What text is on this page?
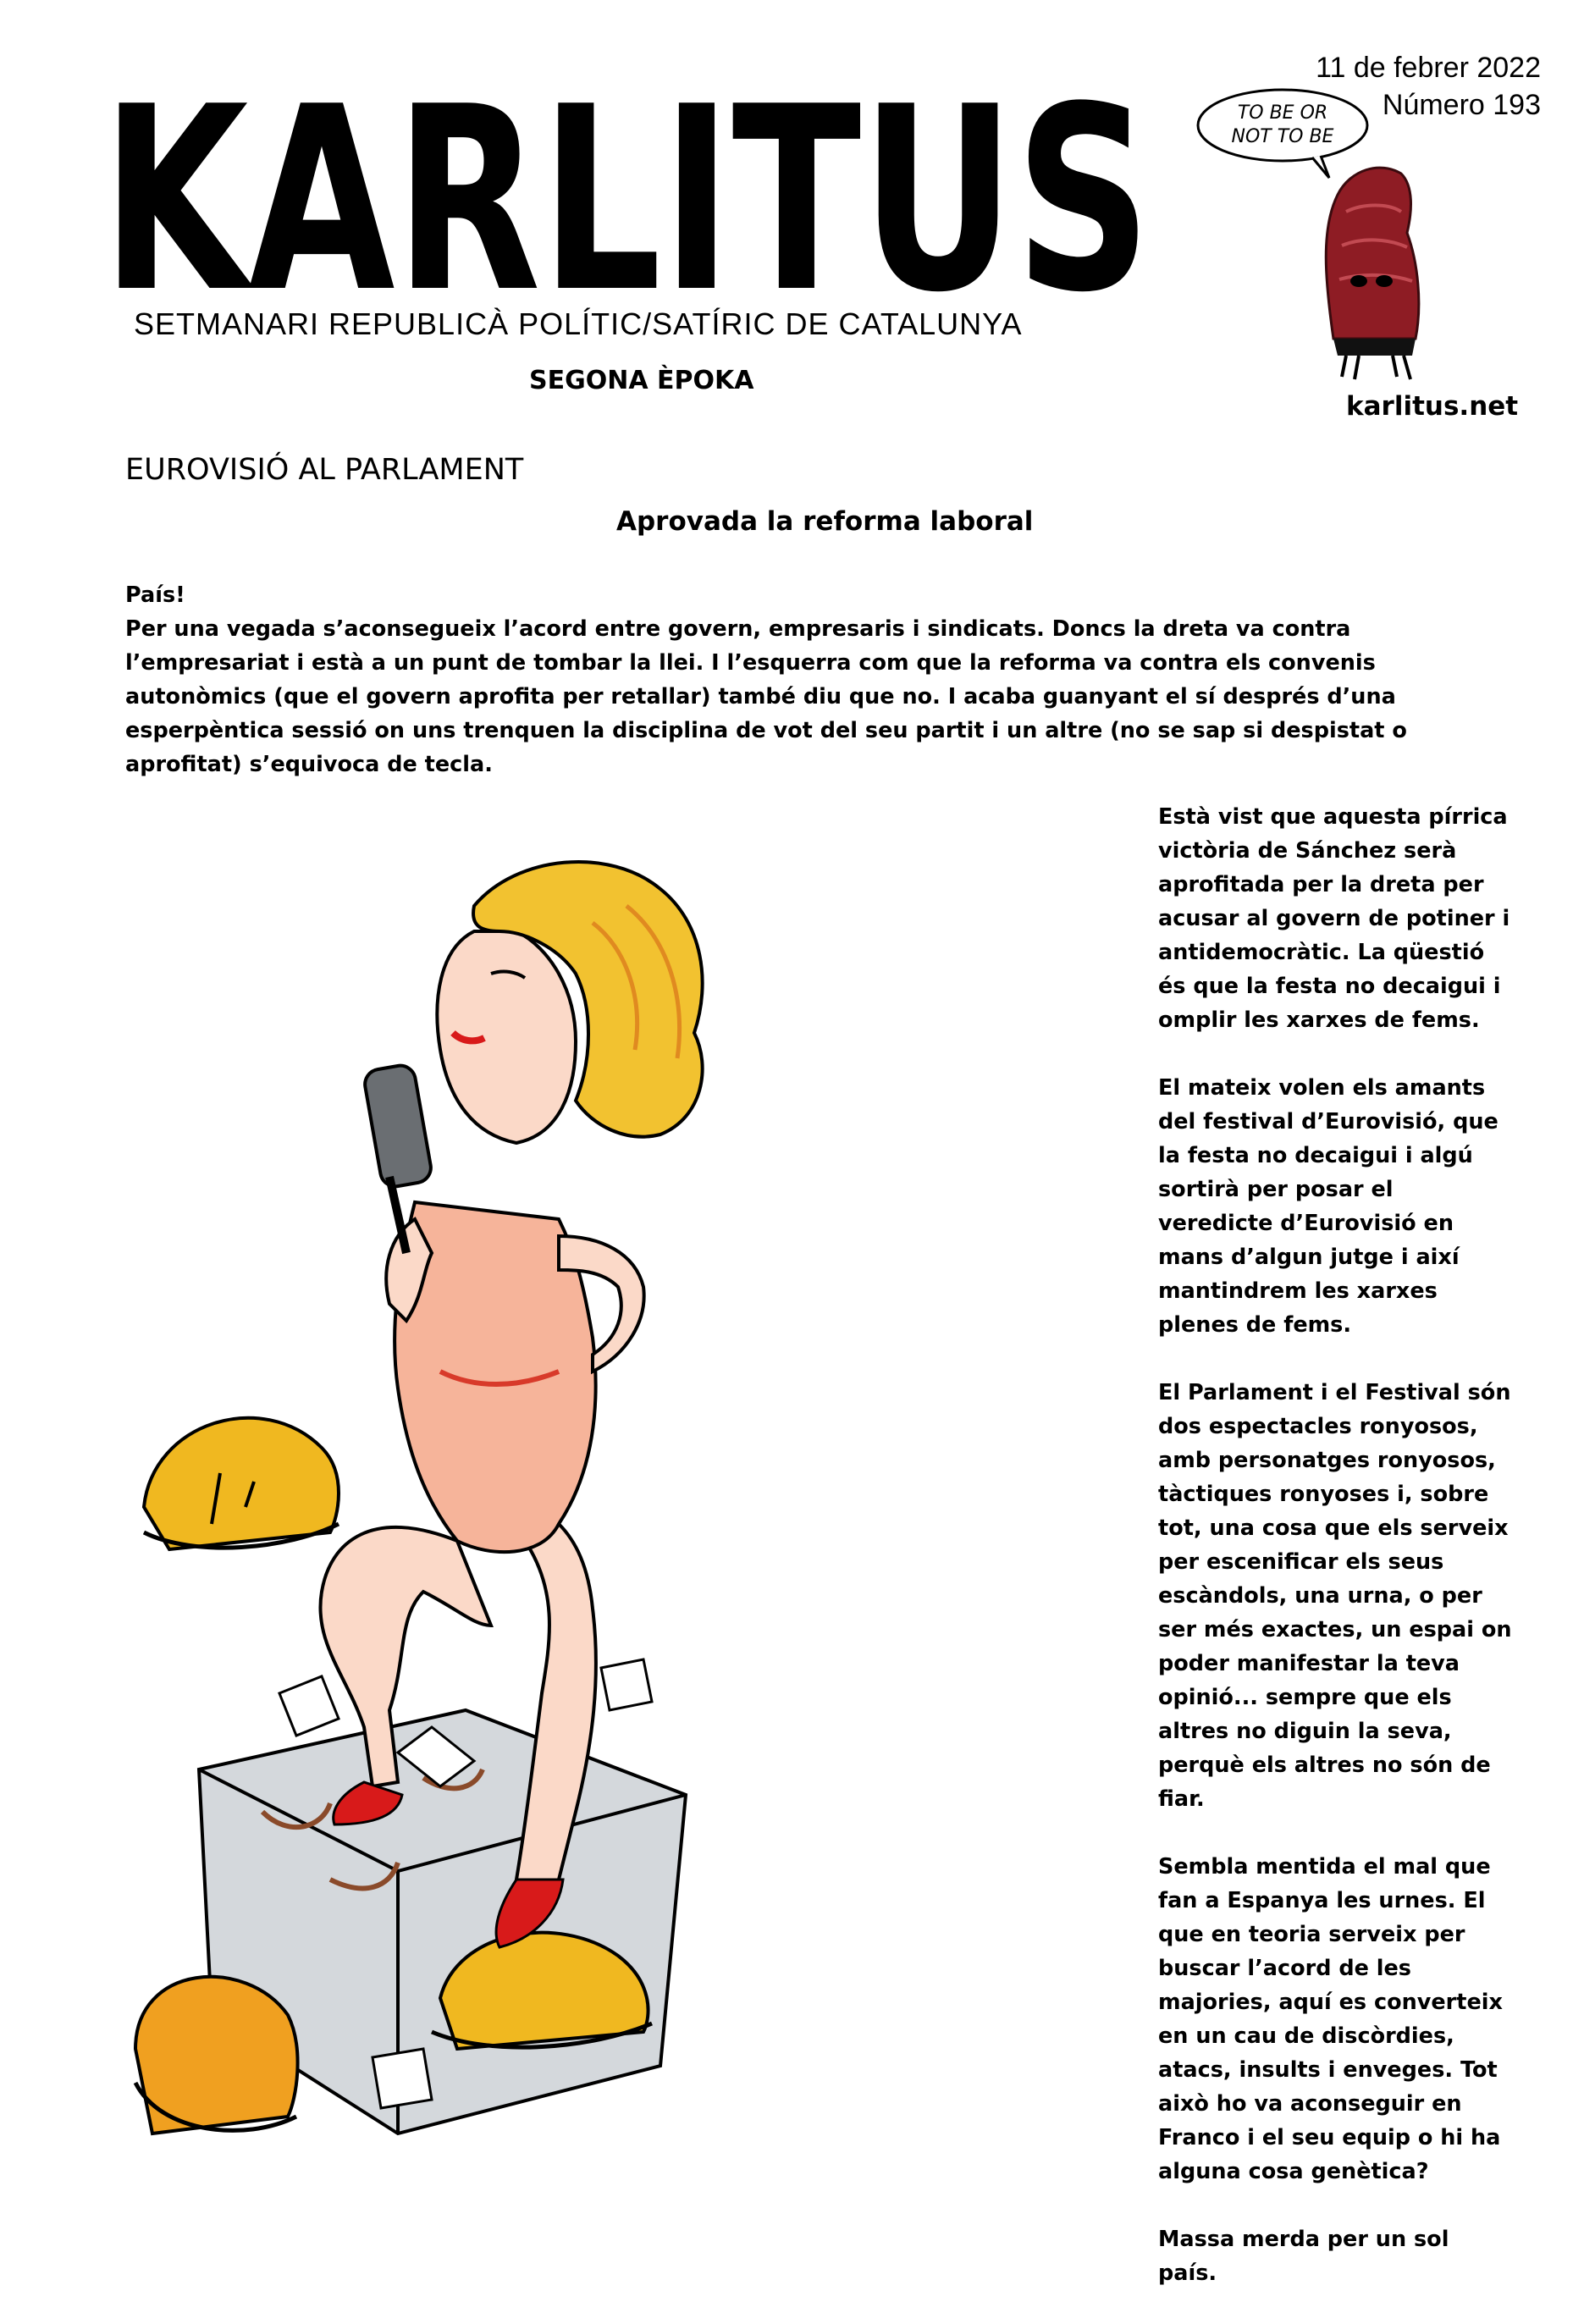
KARLITUS
SETMANARI REPUBLICÀ POLÍTIC/SATÍRIC DE CATALUNYA
SEGONA ÈPOKA
11 de febrer 2022
Número 193
TO BE OR
NOT TO BE
karlitus.net
EUROVISIÓ AL PARLAMENT
Aprovada la reforma laboral

País!

Per una vegada s’aconsegueix l’acord entre govern, empresaris i sindicats. Doncs la dreta va contra l’empresariat i està a un punt de tombar la llei. I l’esquerra com que la reforma va contra els convenis autonòmics (que el govern aprofita per retallar) també diu que no. I acaba guanyant el sí després d’una esperpèntica sessió on uns trenquen la disciplina de vot del seu partit i un altre (no se sap si despistat o aprofitat) s’equivoca de tecla.

Està vist que aquesta pírrica victòria de Sánchez serà aprofitada per la dreta per acusar al govern de potiner i antidemocràtic. La qüestió és que la festa no decaigui i omplir les xarxes de fems.

El mateix volen els amants del festival d’Eurovisió, que la festa no decaigui i algú sortirà per posar el veredicte d’Eurovisió en mans d’algun jutge i així mantindrem les xarxes plenes de fems.

El Parlament i el Festival són dos espectacles ronyosos, amb personatges ronyosos, tàctiques ronyoses i, sobre tot, una cosa que els serveix per escenificar els seus escàndols, una urna, o per ser més exactes, un espai on poder manifestar la teva opinió... sempre que els altres no diguin la seva, perquè els altres no són de fiar.

Sembla mentida el mal que fan a Espanya les urnes. El que en teoria serveix per buscar l’acord de les majories, aquí es converteix en un cau de discòrdies, atacs, insults i enveges. Tot això ho va aconseguir en Franco i el seu equip o hi ha alguna cosa genètica?

Massa merda per un sol país.
